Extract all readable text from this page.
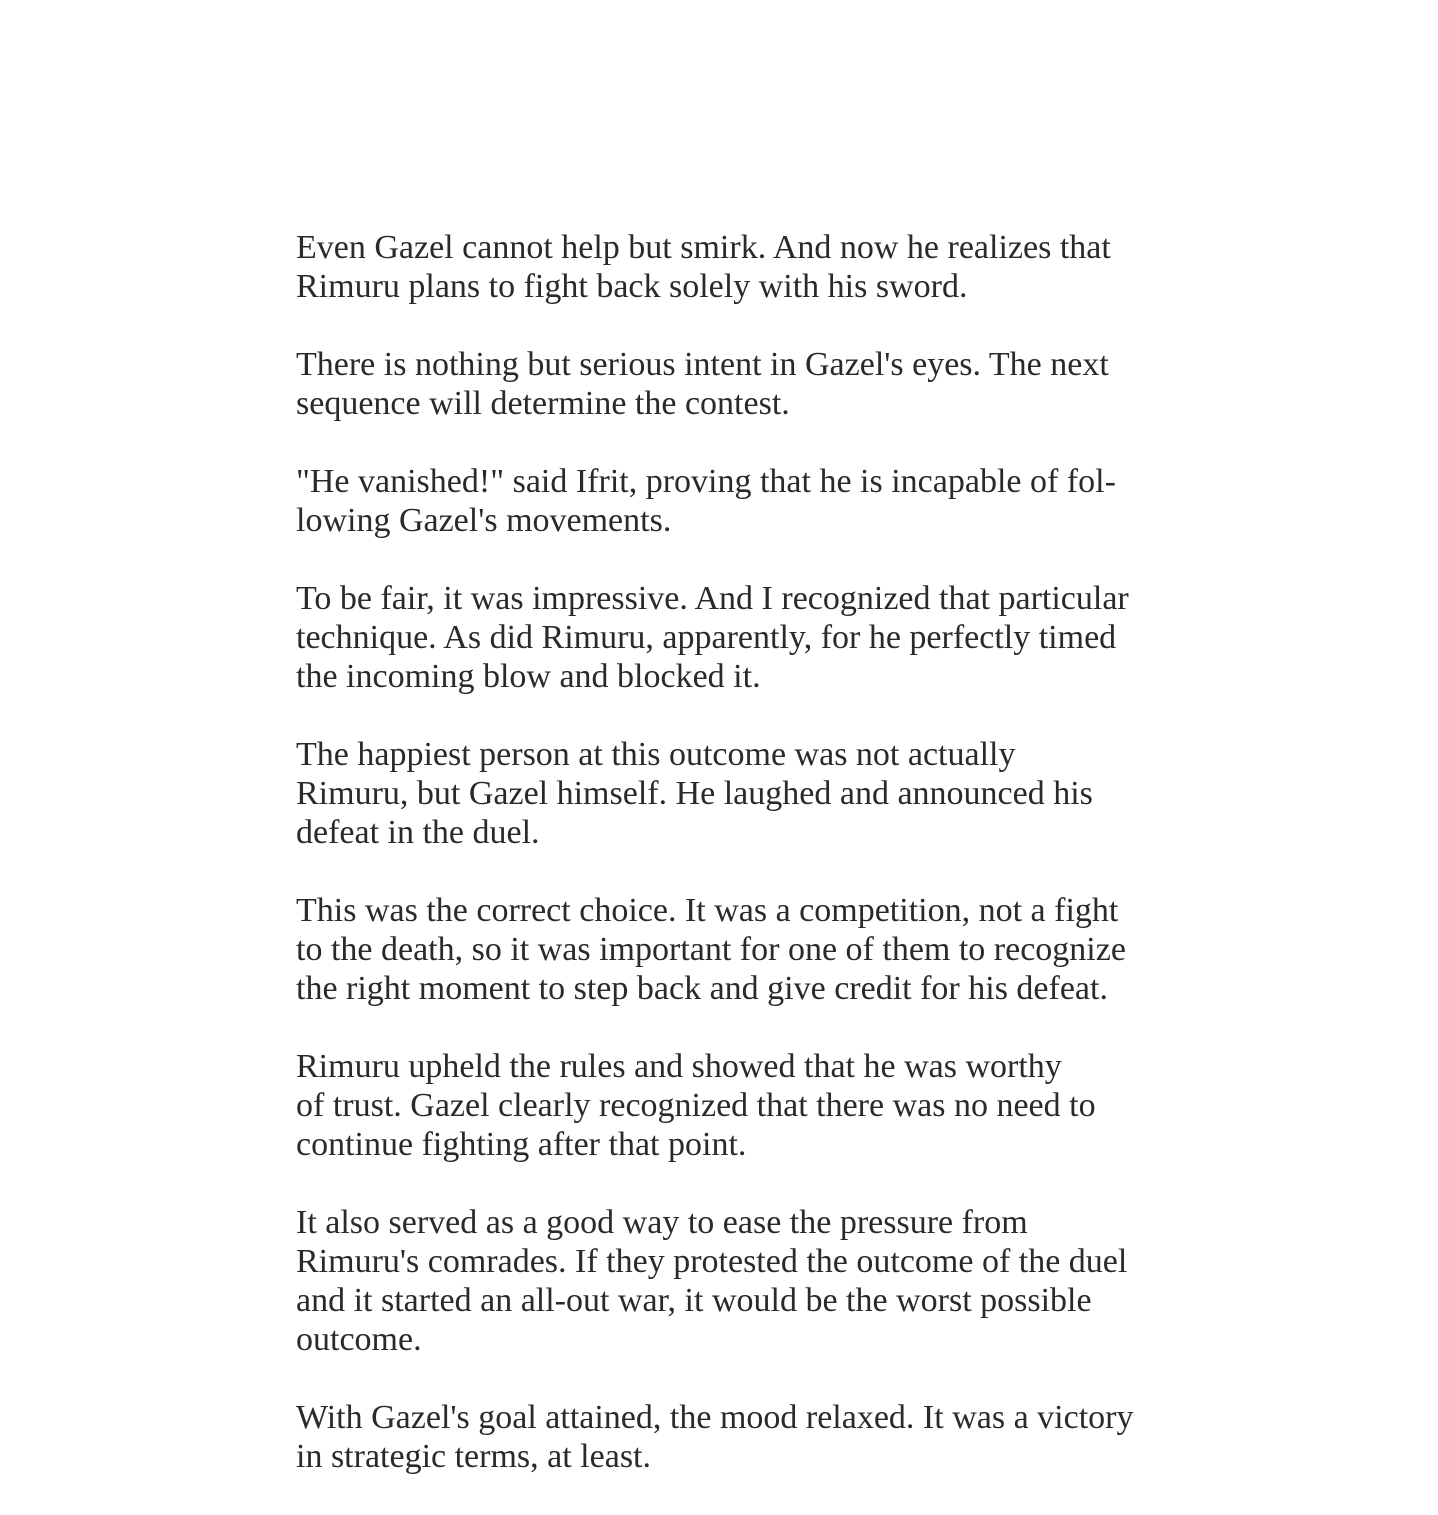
Even Gazel cannot help but smirk. And now he realizes that
Rimuru plans to fight back solely with his sword.

There is nothing but serious intent in Gazel's eyes. The next
sequence will determine the contest.

"He vanished!" said Ifrit, proving that he is incapable of fol-
lowing Gazel's movements.

To be fair, it was impressive. And I recognized that particular
technique. As did Rimuru, apparently, for he perfectly timed
the incoming blow and blocked it.

The happiest person at this outcome was not actually
Rimuru, but Gazel himself. He laughed and announced his
defeat in the duel.

This was the correct choice. It was a competition, not a fight
to the death, so it was important for one of them to recognize
the right moment to step back and give credit for his defeat.

Rimuru upheld the rules and showed that he was worthy
of trust. Gazel clearly recognized that there was no need to
continue fighting after that point.

It also served as a good way to ease the pressure from
Rimuru's comrades. If they protested the outcome of the duel
and it started an all-out war, it would be the worst possible
outcome.

With Gazel's goal attained, the mood relaxed. It was a victory
in strategic terms, at least.
